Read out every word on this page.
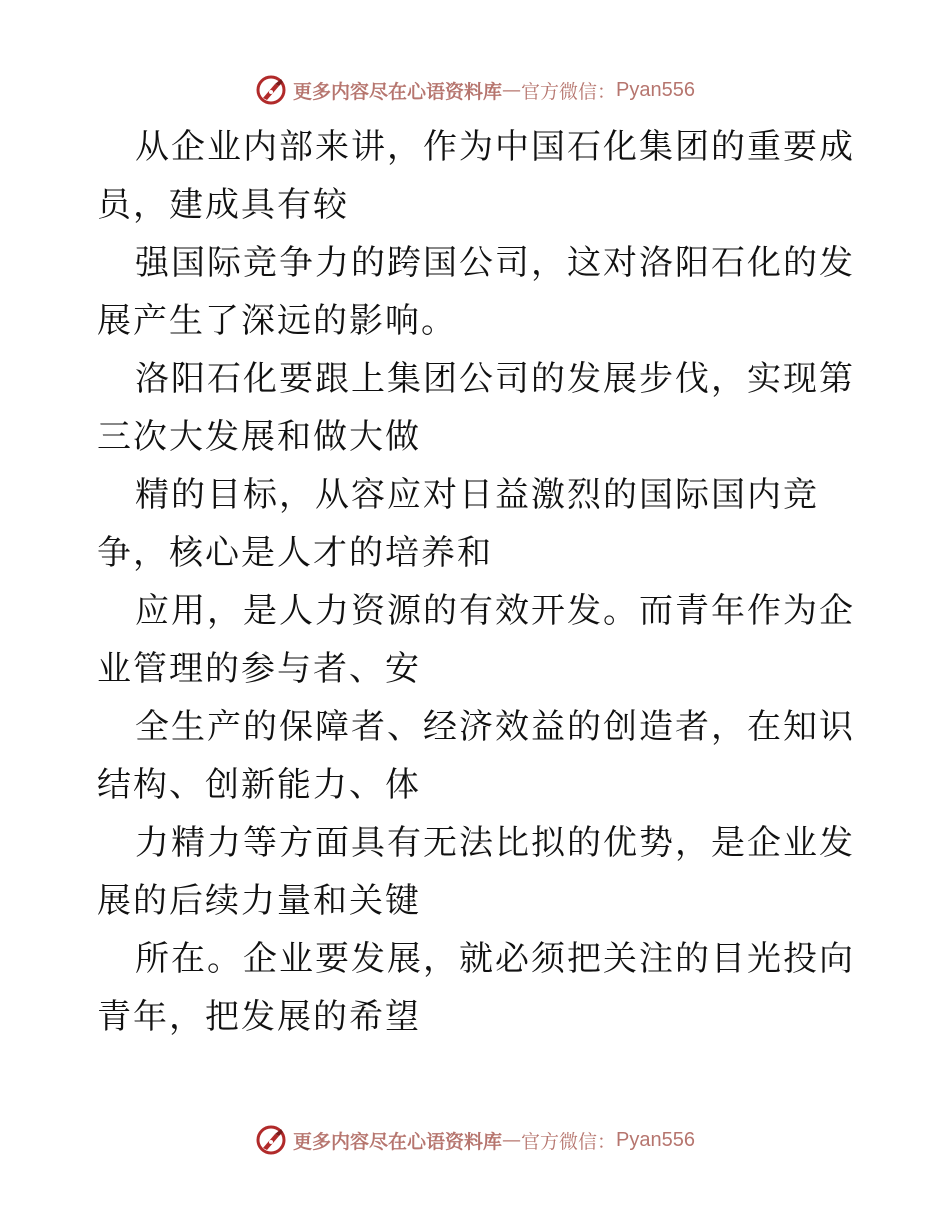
更多内容尽在心语资料库 — 官方微信： Pyan556

从企业内部来讲，作为中国石化集团的重要成员，建成具有较

强国际竞争力的跨国公司，这对洛阳石化的发展产生了深远的影响。

洛阳石化要跟上集团公司的发展步伐，实现第三次大发展和做大做

精的目标，从容应对日益激烈的国际国内竞争，核心是人才的培养和

应用，是人力资源的有效开发。而青年作为企业管理的参与者、安

全生产的保障者、经济效益的创造者，在知识结构、创新能力、体

力精力等方面具有无法比拟的优势，是企业发展的后续力量和关键

所在。企业要发展，就必须把关注的目光投向青年，把发展的希望

更多内容尽在心语资料库 — 官方微信： Pyan556
